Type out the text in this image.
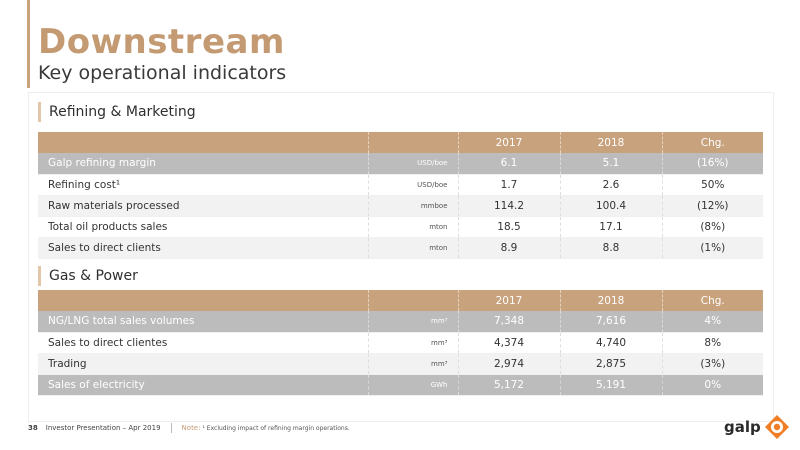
Downstream
Key operational indicators
Refining & Marketing
		2017	2018	Chg.
Galp refining margin	USD/boe	6.1	5.1	(16%)
Refining cost¹	USD/boe	1.7	2.6	50%
Raw materials processed	mmboe	114.2	100.4	(12%)
Total oil products sales	mton	18.5	17.1	(8%)
Sales to direct clients	mton	8.9	8.8	(1%)
Gas & Power
		2017	2018	Chg.
NG/LNG total sales volumes	mm³	7,348	7,616	4%
Sales to direct clientes	mm³	4,374	4,740	8%
Trading	mm³	2,974	2,875	(3%)
Sales of electricity	GWh	5,172	5,191	0%
38 Investor Presentation – Apr 2019	Note: ¹ Excluding impact of refining margin operations.	galp
